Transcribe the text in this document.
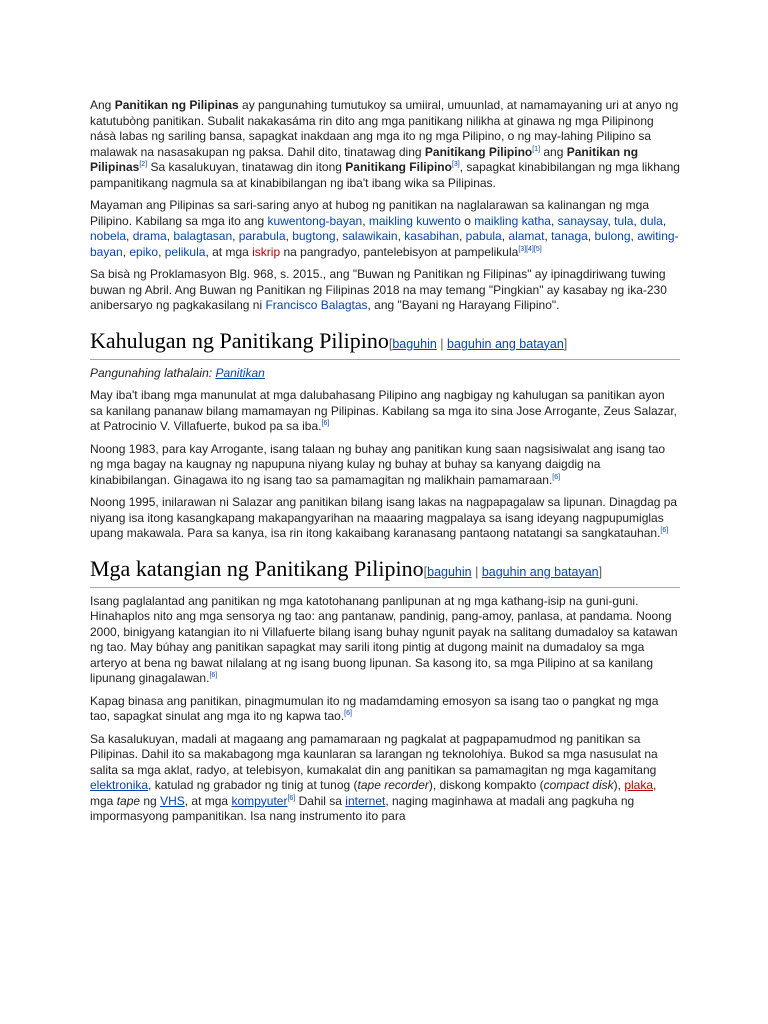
Ang Panitikan ng Pilipinas ay pangunahing tumutukoy sa umiiral, umuunlad, at namamayaning uri at anyo ng katutubòng panitikan. Subalit nakakasáma rin dito ang mga panitikang nilikha at ginawa ng mga Pilipinong násà labas ng sariling bansa, sapagkat inakdaan ang mga ito ng mga Pilipino, o ng may-lahing Pilipino sa malawak na nasasakupan ng paksa. Dahil dito, tinatawag ding Panitikang Pilipino[1] ang Panitikan ng Pilipinas[2] Sa kasalukuyan, tinatawag din itong Panitikang Filipino[3], sapagkat kinabibilangan ng mga likhang pampanitikang nagmula sa at kinabibilangan ng iba't ibang wika sa Pilipinas.

Mayaman ang Pilipinas sa sari-saring anyo at hubog ng panitikan na naglalarawan sa kalinangan ng mga Pilipino. Kabilang sa mga ito ang kuwentong-bayan, maikling kuwento o maikling katha, sanaysay, tula, dula, nobela, drama, balagtasan, parabula, bugtong, salawikain, kasabihan, pabula, alamat, tanaga, bulong, awiting-bayan, epiko, pelikula, at mga iskrip na pangradyo, pantelebisyon at pampelikula[3][4][5]

Sa bisà ng Proklamasyon Blg. 968, s. 2015., ang "Buwan ng Panitikan ng Filipinas" ay ipinagdiriwang tuwing buwan ng Abril. Ang Buwan ng Panitikan ng Filipinas 2018 na may temang "Pingkian" ay kasabay ng ika-230 anibersaryo ng pagkakasilang ni Francisco Balagtas, ang "Bayani ng Harayang Filipino".

Kahulugan ng Panitikang Pilipino[baguhin | baguhin ang batayan]
Pangunahing lathalain: Panitikan

May iba't ibang mga manunulat at mga dalubahasang Pilipino ang nagbigay ng kahulugan sa panitikan ayon sa kanilang pananaw bilang mamamayan ng Pilipinas. Kabilang sa mga ito sina Jose Arrogante, Zeus Salazar, at Patrocinio V. Villafuerte, bukod pa sa iba.[6]

Noong 1983, para kay Arrogante, isang talaan ng buhay ang panitikan kung saan nagsisiwalat ang isang tao ng mga bagay na kaugnay ng napupuna niyang kulay ng buhay at buhay sa kanyang daigdig na kinabibilangan. Ginagawa ito ng isang tao sa pamamagitan ng malikhain pamamaraan.[6]

Noong 1995, inilarawan ni Salazar ang panitikan bilang isang lakas na nagpapagalaw sa lipunan. Dinagdag pa niyang isa itong kasangkapang makapangyarihan na maaaring magpalaya sa isang ideyang nagpupumiglas upang makawala. Para sa kanya, isa rin itong kakaibang karanasang pantaong natatangi sa sangkatauhan.[6]

Mga katangian ng Panitikang Pilipino[baguhin | baguhin ang batayan]

Isang paglalantad ang panitikan ng mga katotohanang panlipunan at ng mga kathang-isip na guni-guni. Hinahaplos nito ang mga sensorya ng tao: ang pantanaw, pandinig, pang-amoy, panlasa, at pandama. Noong 2000, binigyang katangian ito ni Villafuerte bilang isang buhay ngunit payak na salitang dumadaloy sa katawan ng tao. May búhay ang panitikan sapagkat may sarili itong pintig at dugong mainit na dumadaloy sa mga arteryo at bena ng bawat nilalang at ng isang buong lipunan. Sa kasong ito, sa mga Pilipino at sa kanilang lipunang ginagalawan.[6]

Kapag binasa ang panitikan, pinagmumulan ito ng madamdaming emosyon sa isang tao o pangkat ng mga tao, sapagkat sinulat ang mga ito ng kapwa tao.[6]

Sa kasalukuyan, madali at magaang ang pamamaraan ng pagkalat at pagpapamudmod ng panitikan sa Pilipinas. Dahil ito sa makabagong mga kaunlaran sa larangan ng teknolohiya. Bukod sa mga nasusulat na salita sa mga aklat, radyo, at telebisyon, kumakalat din ang panitikan sa pamamagitan ng mga kagamitang elektronika, katulad ng grabador ng tinig at tunog (tape recorder), diskong kompakto (compact disk), plaka, mga tape ng VHS, at mga kompyuter[6] Dahil sa internet, naging maginhawa at madali ang pagkuha ng impormasyong pampanitikan. Isa nang instrumento ito para
